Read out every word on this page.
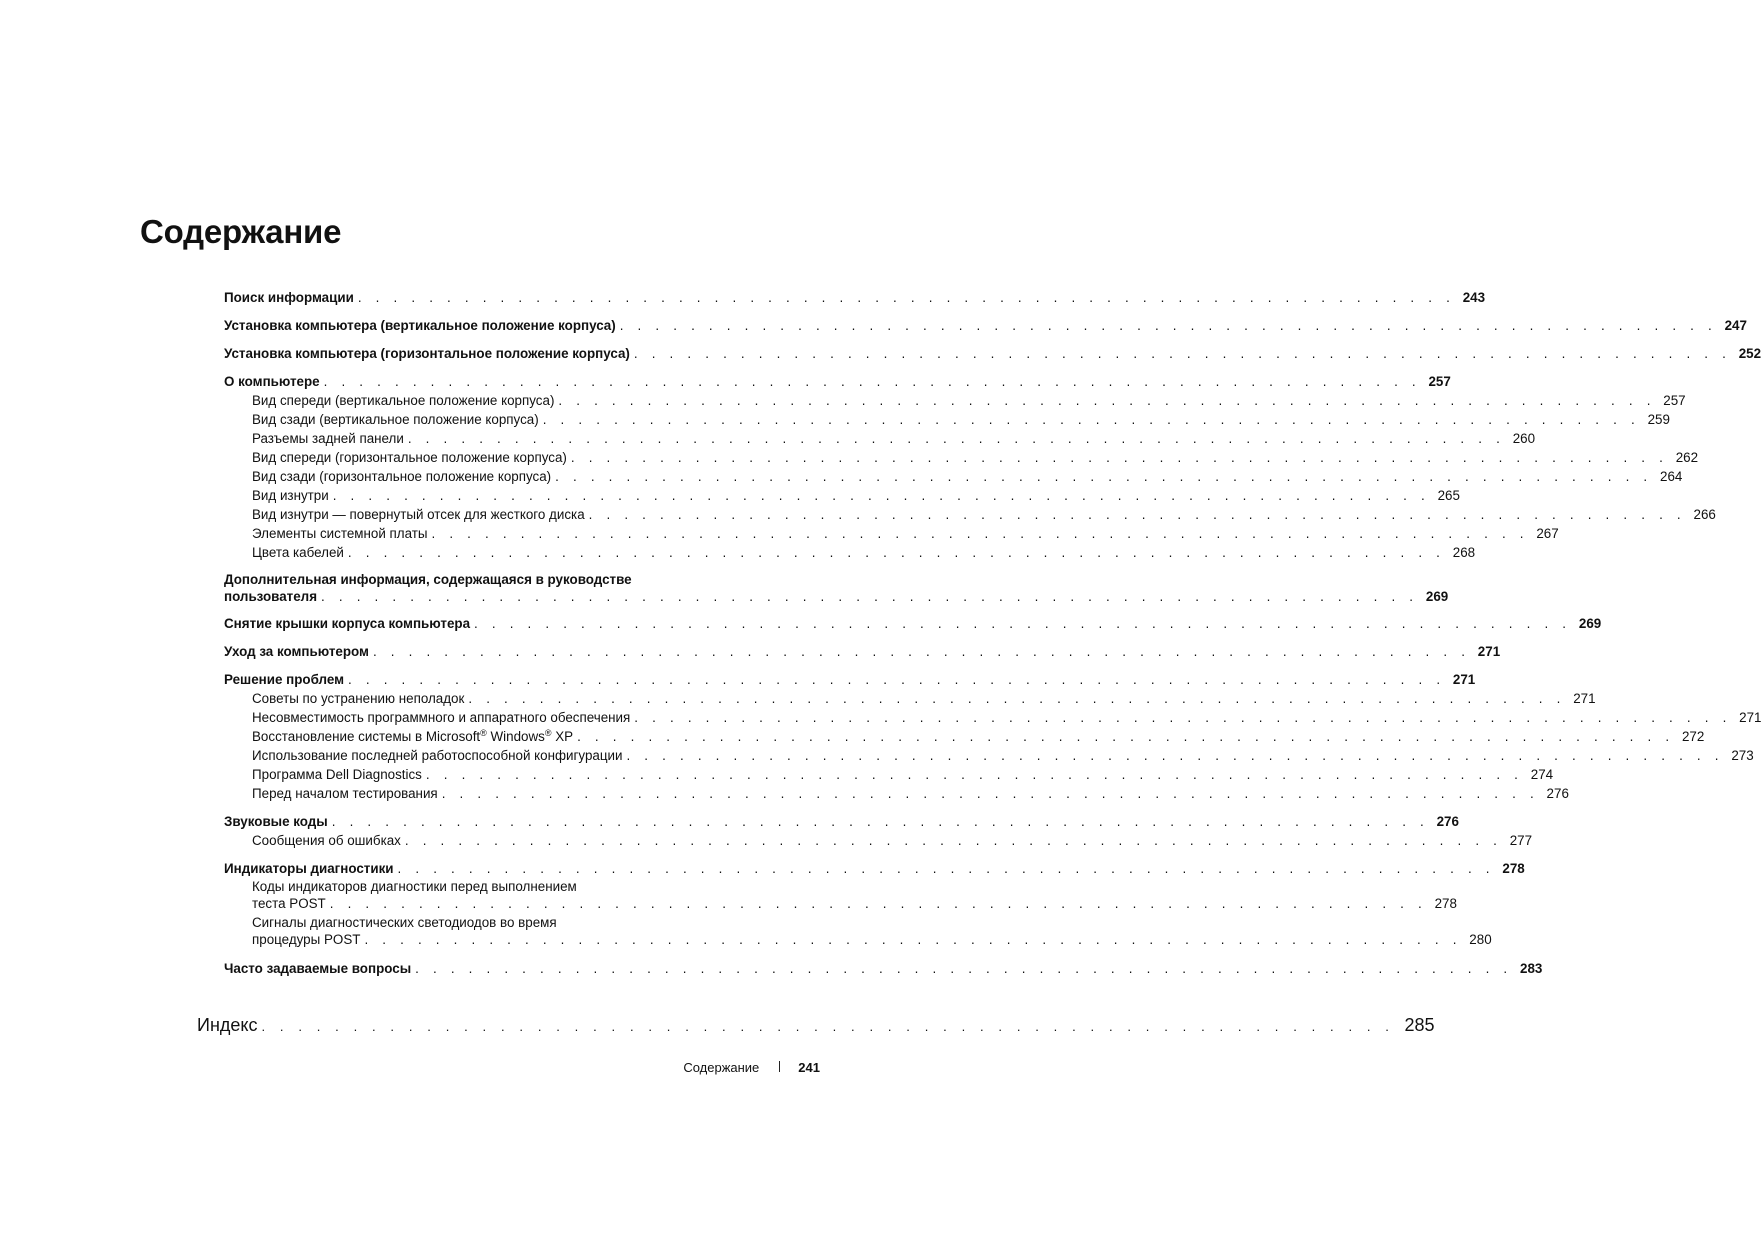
Содержание
Поиск информации . . . . . . . . . . . . . . . . . . . . . . . . . . . . . . . . . . . . . . . . . . . . . . . . . . . . . . . . . . . . . . 243
Установка компьютера (вертикальное положение корпуса) . . . . . . . . . . . . . . . . . . . . . . . . . . . . . . . . . . . . . . . . . . . . . . . . . . . . . . . . . . . . . . 247
Установка компьютера (горизонтальное положение корпуса) . . . . . . . . . . . . . . . . . . . . . . . . . . . . . . . . . . . . . . . . . . . . . . . . . . . . . . . . . . . . . . 252
О компьютере . . . . . . . . . . . . . . . . . . . . . . . . . . . . . . . . . . . . . . . . . . . . . . . . . . . . . . . . . . . . . . 257
Вид спереди (вертикальное положение корпуса) . . . . . . . . . . . . . . . . . . . . . . . . . . . . . . . . . . . . . . . . . . . . . . . . . . . . . . . . . . . . . . 257
Вид сзади (вертикальное положение корпуса) . . . . . . . . . . . . . . . . . . . . . . . . . . . . . . . . . . . . . . . . . . . . . . . . . . . . . . . . . . . . . . 259
Разъемы задней панели . . . . . . . . . . . . . . . . . . . . . . . . . . . . . . . . . . . . . . . . . . . . . . . . . . . . . . . . . . . . . . 260
Вид спереди (горизонтальное положение корпуса) . . . . . . . . . . . . . . . . . . . . . . . . . . . . . . . . . . . . . . . . . . . . . . . . . . . . . . . . . . . . . . 262
Вид сзади (горизонтальное положение корпуса) . . . . . . . . . . . . . . . . . . . . . . . . . . . . . . . . . . . . . . . . . . . . . . . . . . . . . . . . . . . . . . 264
Вид изнутри . . . . . . . . . . . . . . . . . . . . . . . . . . . . . . . . . . . . . . . . . . . . . . . . . . . . . . . . . . . . . . 265
Вид изнутри — повернутый отсек для жесткого диска . . . . . . . . . . . . . . . . . . . . . . . . . . . . . . . . . . . . . . . . . . . . . . . . . . . . . . . . . . . . . . 266
Элементы системной платы . . . . . . . . . . . . . . . . . . . . . . . . . . . . . . . . . . . . . . . . . . . . . . . . . . . . . . . . . . . . . . 267
Цвета кабелей . . . . . . . . . . . . . . . . . . . . . . . . . . . . . . . . . . . . . . . . . . . . . . . . . . . . . . . . . . . . . . 268
Дополнительная информация, содержащаяся в руководстве
пользователя . . . . . . . . . . . . . . . . . . . . . . . . . . . . . . . . . . . . . . . . . . . . . . . . . . . . . . . . . . . . . . 269
Снятие крышки корпуса компьютера . . . . . . . . . . . . . . . . . . . . . . . . . . . . . . . . . . . . . . . . . . . . . . . . . . . . . . . . . . . . . . 269
Уход за компьютером . . . . . . . . . . . . . . . . . . . . . . . . . . . . . . . . . . . . . . . . . . . . . . . . . . . . . . . . . . . . . . 271
Решение проблем . . . . . . . . . . . . . . . . . . . . . . . . . . . . . . . . . . . . . . . . . . . . . . . . . . . . . . . . . . . . . . 271
Советы по устранению неполадок . . . . . . . . . . . . . . . . . . . . . . . . . . . . . . . . . . . . . . . . . . . . . . . . . . . . . . . . . . . . . . 271
Несовместимость программного и аппаратного обеспечения . . . . . . . . . . . . . . . . . . . . . . . . . . . . . . . . . . . . . . . . . . . . . . . . . . . . . . . . . . . . . . 271
Восстановление системы в Microsoft® Windows® XP . . . . . . . . . . . . . . . . . . . . . . . . . . . . . . . . . . . . . . . . . . . . . . . . . . . . . . . . . . . . . . 272
Использование последней работоспособной конфигурации . . . . . . . . . . . . . . . . . . . . . . . . . . . . . . . . . . . . . . . . . . . . . . . . . . . . . . . . . . . . . . 273
Программа Dell Diagnostics . . . . . . . . . . . . . . . . . . . . . . . . . . . . . . . . . . . . . . . . . . . . . . . . . . . . . . . . . . . . . . 274
Перед началом тестирования . . . . . . . . . . . . . . . . . . . . . . . . . . . . . . . . . . . . . . . . . . . . . . . . . . . . . . . . . . . . . . 276
Звуковые коды . . . . . . . . . . . . . . . . . . . . . . . . . . . . . . . . . . . . . . . . . . . . . . . . . . . . . . . . . . . . . . 276
Сообщения об ошибках . . . . . . . . . . . . . . . . . . . . . . . . . . . . . . . . . . . . . . . . . . . . . . . . . . . . . . . . . . . . . . 277
Индикаторы диагностики . . . . . . . . . . . . . . . . . . . . . . . . . . . . . . . . . . . . . . . . . . . . . . . . . . . . . . . . . . . . . . 278
Коды индикаторов диагностики перед выполнением
теста POST . . . . . . . . . . . . . . . . . . . . . . . . . . . . . . . . . . . . . . . . . . . . . . . . . . . . . . . . . . . . . . 278
Сигналы диагностических светодиодов во время
процедуры POST . . . . . . . . . . . . . . . . . . . . . . . . . . . . . . . . . . . . . . . . . . . . . . . . . . . . . . . . . . . . . . 280
Часто задаваемые вопросы . . . . . . . . . . . . . . . . . . . . . . . . . . . . . . . . . . . . . . . . . . . . . . . . . . . . . . . . . . . . . . 283
Индекс . . . . . . . . . . . . . . . . . . . . . . . . . . . . . . . . . . . . . . . . . . . . . . . . . . . . . . . . . . . . . . 285
Содержание	241
